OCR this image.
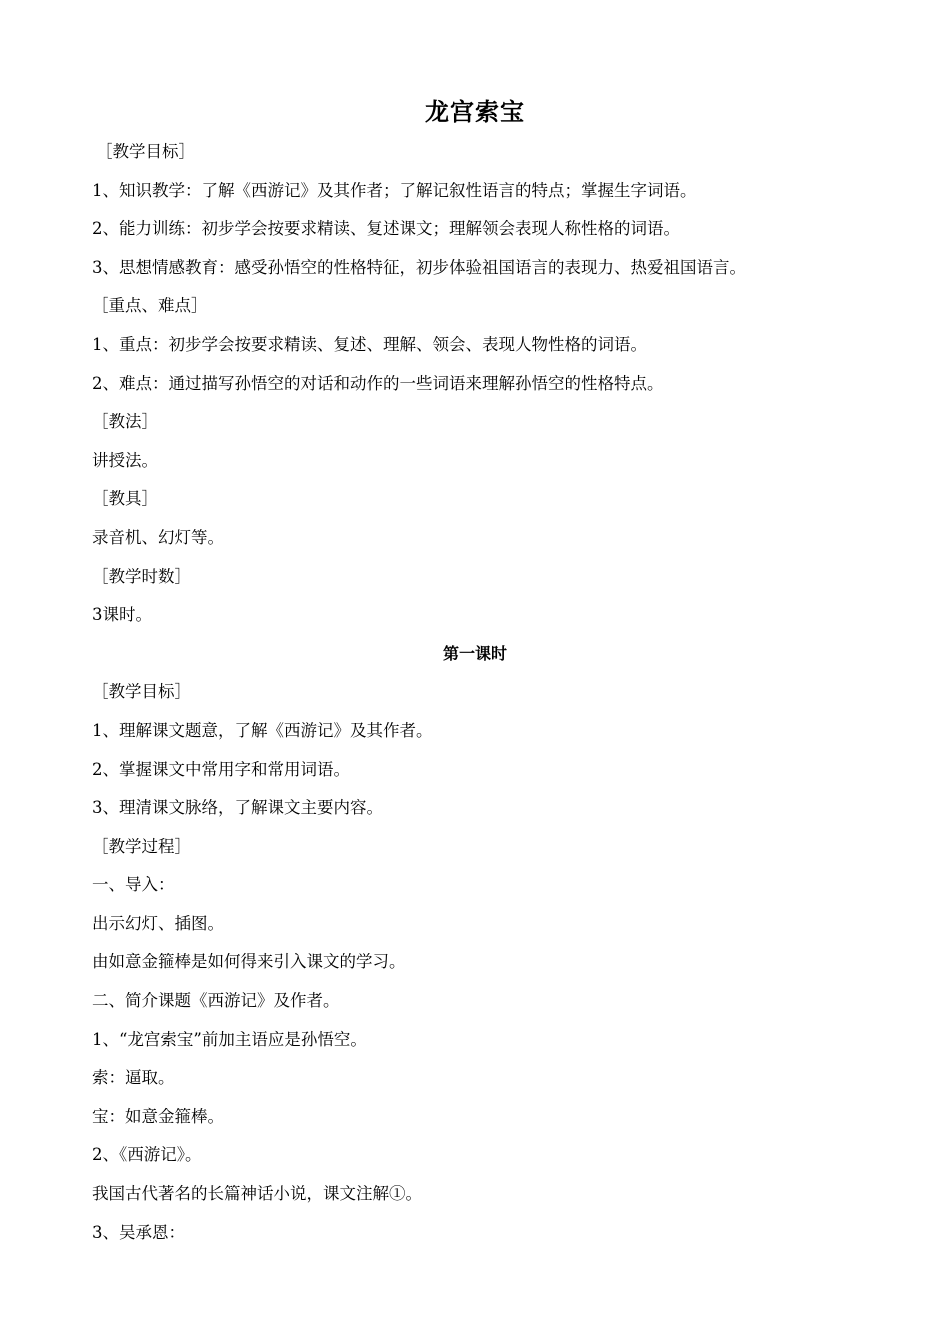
龙宫索宝
［教学目标］
1、知识教学：了解《西游记》及其作者；了解记叙性语言的特点；掌握生字词语。
2、能力训练：初步学会按要求精读、复述课文；理解领会表现人称性格的词语。
3、思想情感教育：感受孙悟空的性格特征，初步体验祖国语言的表现力、热爱祖国语言。
［重点、难点］
1、重点：初步学会按要求精读、复述、理解、领会、表现人物性格的词语。
2、难点：通过描写孙悟空的对话和动作的一些词语来理解孙悟空的性格特点。
［教法］
讲授法。
［教具］
录音机、幻灯等。
［教学时数］
3课时。
第一课时
［教学目标］
1、理解课文题意，了解《西游记》及其作者。
2、掌握课文中常用字和常用词语。
3、理清课文脉络，了解课文主要内容。
［教学过程］
一、导入：
出示幻灯、插图。
由如意金箍棒是如何得来引入课文的学习。
二、简介课题《西游记》及作者。
1、“龙宫索宝”前加主语应是孙悟空。
索：逼取。
宝：如意金箍棒。
2、《西游记》。
我国古代著名的长篇神话小说，课文注解①。
3、吴承恩：
